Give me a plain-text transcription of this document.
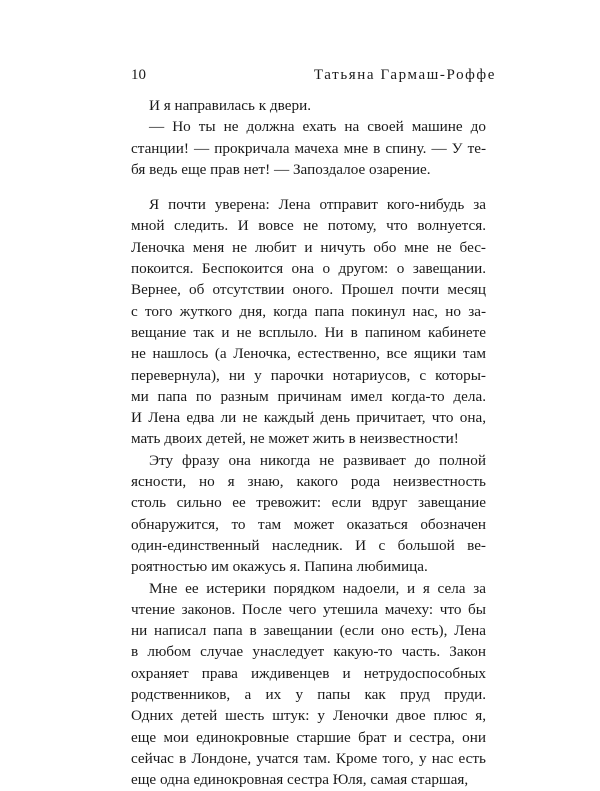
10	Татьяна Гармаш-Роффе
И я направилась к двери.
— Но ты не должна ехать на своей машине до
станции! — прокричала мачеха мне в спину. — У те-
бя ведь еще прав нет! — Запоздалое озарение.
Я почти уверена: Лена отправит кого-нибудь за
мной следить. И вовсе не потому, что волнуется.
Леночка меня не любит и ничуть обо мне не бес-
покоится. Беспокоится она о другом: о завещании.
Вернее, об отсутствии оного. Прошел почти месяц
с того жуткого дня, когда папа покинул нас, но за-
вещание так и не всплыло. Ни в папином кабинете
не нашлось (а Леночка, естественно, все ящики там
перевернула), ни у парочки нотариусов, с которы-
ми папа по разным причинам имел когда-то дела.
И Лена едва ли не каждый день причитает, что она,
мать двоих детей, не может жить в неизвестности!
Эту фразу она никогда не развивает до полной
ясности, но я знаю, какого рода неизвестность
столь сильно ее тревожит: если вдруг завещание
обнаружится, то там может оказаться обозначен
один-единственный наследник. И с большой ве-
роятностью им окажусь я. Папина любимица.
Мне ее истерики порядком надоели, и я села за
чтение законов. После чего утешила мачеху: что бы
ни написал папа в завещании (если оно есть), Лена
в любом случае унаследует какую-то часть. Закон
охраняет права иждивенцев и нетрудоспособных
родственников, а их у папы как пруд пруди.
Одних детей шесть штук: у Леночки двое плюс я,
еще мои единокровные старшие брат и сестра, они
сейчас в Лондоне, учатся там. Кроме того, у нас есть
еще одна единокровная сестра Юля, самая старшая,
